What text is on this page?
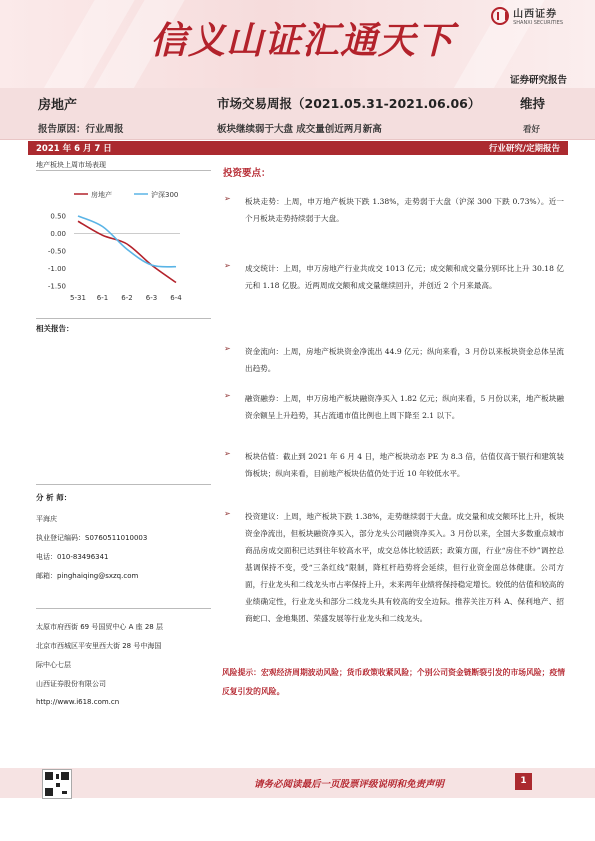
信义山证汇通天下
山西证券
SHANXI SECURITIES
证券研究报告
房地产
报告原因：行业周报
市场交易周报（2021.05.31-2021.06.06）
板块继续弱于大盘 成交量创近两月新高
维持
看好
2021 年 6 月 7 日	行业研究/定期报告
地产板块上周市场表现
房地产	沪深300
0.50
0.00
-0.50
-1.00
-1.50
5-31 6-1 6-2 6-3 6-4
相关报告：
分 析 师：
平海庆
执业登记编码：S0760511010003
电话：010-83496341
邮箱：pinghaiqing@sxzq.com
太原市府西街 69 号国贸中心 A 座 28 层
北京市西城区平安里西大街 28 号中海国
际中心七层
山西证券股份有限公司
http://www.i618.com.cn
投资要点：
➢ 板块走势：上周，申万地产板块下跌 1.38%，走势弱于大盘（沪深 300 下跌 0.73%）。近一个月板块走势持续弱于大盘。
➢ 成交统计：上周，申万房地产行业共成交 1013 亿元；成交额和成交量分别环比上升 30.18 亿元和 1.18 亿股。近两周成交额和成交量继续回升，并创近 2 个月来最高。
➢ 资金流向：上周，房地产板块资金净流出 44.9 亿元；纵向来看，3 月份以来板块资金总体呈流出趋势。
➢ 融资融券：上周，申万房地产板块融资净买入 1.82 亿元；纵向来看，5 月份以来，地产板块融资余额呈上升趋势，其占流通市值比例也上周下降至 2.1 以下。
➢ 板块估值：截止到 2021 年 6 月 4 日，地产板块动态 PE 为 8.3 倍，估值仅高于银行和建筑装饰板块；纵向来看，目前地产板块估值仍处于近 10 年较低水平。
➢ 投资建议：上周，地产板块下跌 1.38%，走势继续弱于大盘。成交量和成交额环比上升，板块资金净流出，但板块融资净买入，部分龙头公司融资净买入。3 月份以来，全国大多数重点城市商品房成交面积已达到往年较高水平，成交总体比较活跃；政策方面，行业“房住不炒”调控总基调保持不变，受“三条红线”限制，降杠杆趋势将会延续，但行业资金面总体健康。公司方面，行业龙头和二线龙头市占率保持上升，未来两年业绩将保持稳定增长。较低的估值和较高的业绩确定性，行业龙头和部分二线龙头具有较高的安全边际。推荐关注万科 A、保利地产、招商蛇口、金地集团、荣盛发展等行业龙头和二线龙头。
风险提示：宏观经济周期波动风险；货币政策收紧风险；个别公司资金链断裂引发的市场风险；疫情反复引发的风险。
请务必阅读最后一页股票评级说明和免责声明	1
